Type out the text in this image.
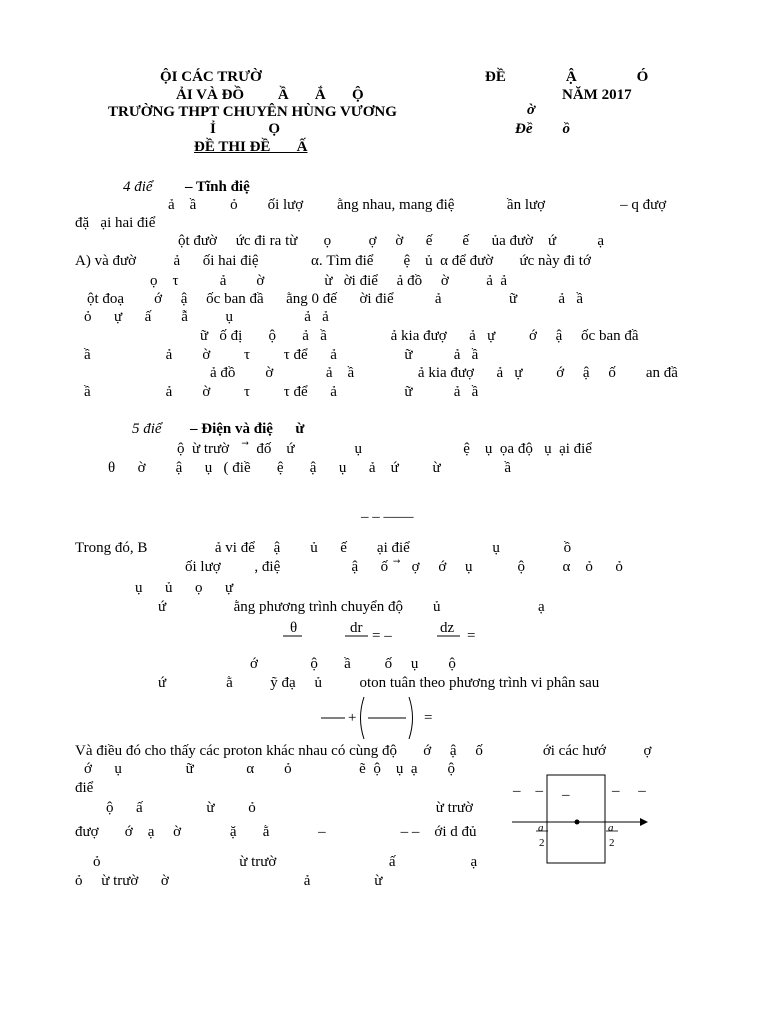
ỘI CÁC TRƯỜ	ĐỀ                Ậ                Ó
ẢI VÀ ĐỒ         Ầ       Ắ       Ộ	NĂM 2017
TRƯỜNG THPT CHUYÊN HÙNG VƯƠNG	ờ
Ỉ              Ọ	Đề        ồ
ĐỀ THI ĐỀ       Ấ
4 điể – Tĩnh điệ
ả    ầ         ỏ        ối lượ         ằng nhau, mang điệ              ần lượ                    – q đượ
đặ   ại hai điể
ột đườ     ức đi ra từ       ọ          ợ     ờ      ế        ế      ủa đườ    ứ           ạ
A) và đườ          ả      ối hai điệ              α. Tìm điể        ệ    ủ  α để đườ       ức này đi tớ
ọ    τ           ả        ờ                ừ   ời điể     ả đồ     ờ          ả  ả
ột đoạ        ớ     ậ     ốc ban đầ      ằng 0 đế      ời điể           ả                  ữ           ả   ầ
ỏ      ự      ấ        ẫ          ụ                   ả   ả
ữ   ố đị       ộ       ả   ầ                 ả kia đượ      ả   ự         ớ     ậ     ốc ban đầ
ầ                    ả        ờ         τ         τ để      ả                  ữ           ả   ầ
ả đồ        ờ              ả    ầ                 ả kia đượ      ả   ự         ớ     ậ     ố        an đầ
ầ                    ả        ờ         τ         τ để      ả                  ữ           ả   ầ
5 điể – Điện và điệ      ừ
ộ  ừ trườ     ⃗  đố    ứ                ụ                           ệ    ụ  ọa độ   ụ  ại điể
θ      ờ        ậ      ụ   ( điề       ệ       ậ      ụ      ả    ứ         ừ                 ầ
– – ——
Trong đó, B                  ả vi để     ậ        ủ      ế        ại điể                      ụ                 ồ
ối lượ         , điệ                   ậ      ố   ⃗   ợ     ớ     ụ            ộ          α    ỏ      ỏ
ụ      ủ      ọ      ự
ứ                  ằng phương trình chuyển độ        ủ                          ạ
θ	dr = –	dz =
ớ              ộ       ầ         ố     ụ        ộ
ứ                ằ          ỹ đạ     ủ          oton tuân theo phương trình vi phân sau
+	=
Và điều đó cho thấy các proton khác nhau có cùng độ       ớ     ậ     ố                ới các hướ          ợ
ớ      ụ                 ữ              α        ỏ                  ẽ  ộ    ụ  ạ        ộ
điể
ộ      ấ                 ừ         ỏ                                                ừ trườ
đượ       ớ    ạ     ờ             ặ       ằ             –                    – –    ới d đủ
ỏ                                     ừ trườ                              ấ                    ạ
ỏ     ừ trườ      ờ                                    ả                 ừ
–    – –	–     –
a
2
a
2
